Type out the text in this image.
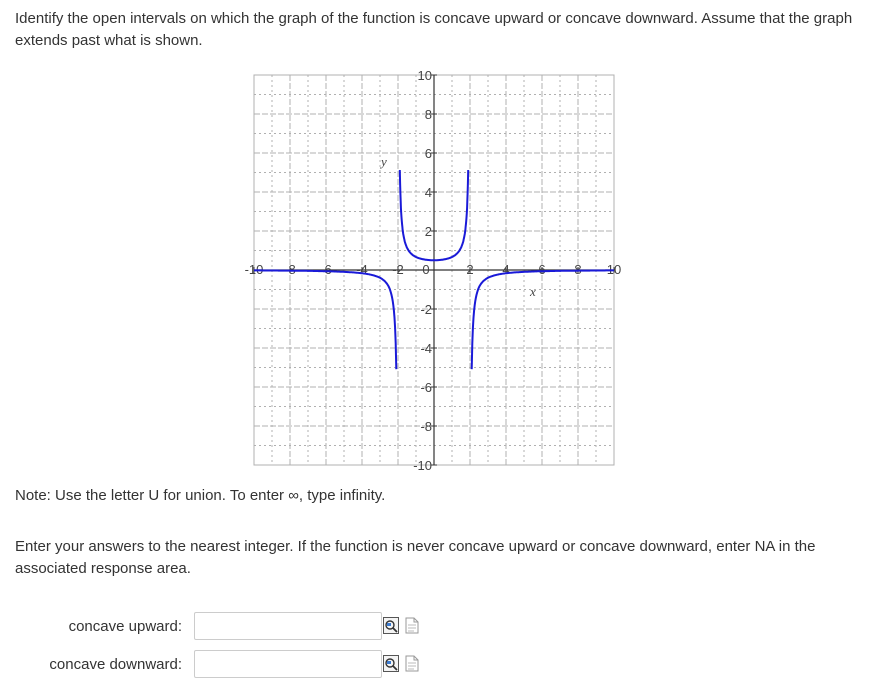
Identify the open intervals on which the graph of the function is concave upward or concave downward. Assume that the graph extends past what is shown.

-10 -8 -6 -4 -2 0	2 4 6 8 10
10
8
6
4
2
-2
-4
-6
-8
-10
x
y
Note: Use the letter U for union. To enter ∞, type infinity.
Enter your answers to the nearest integer. If the function is never concave upward or concave downward, enter NA in the associated response area.
concave upward:
concave downward:
